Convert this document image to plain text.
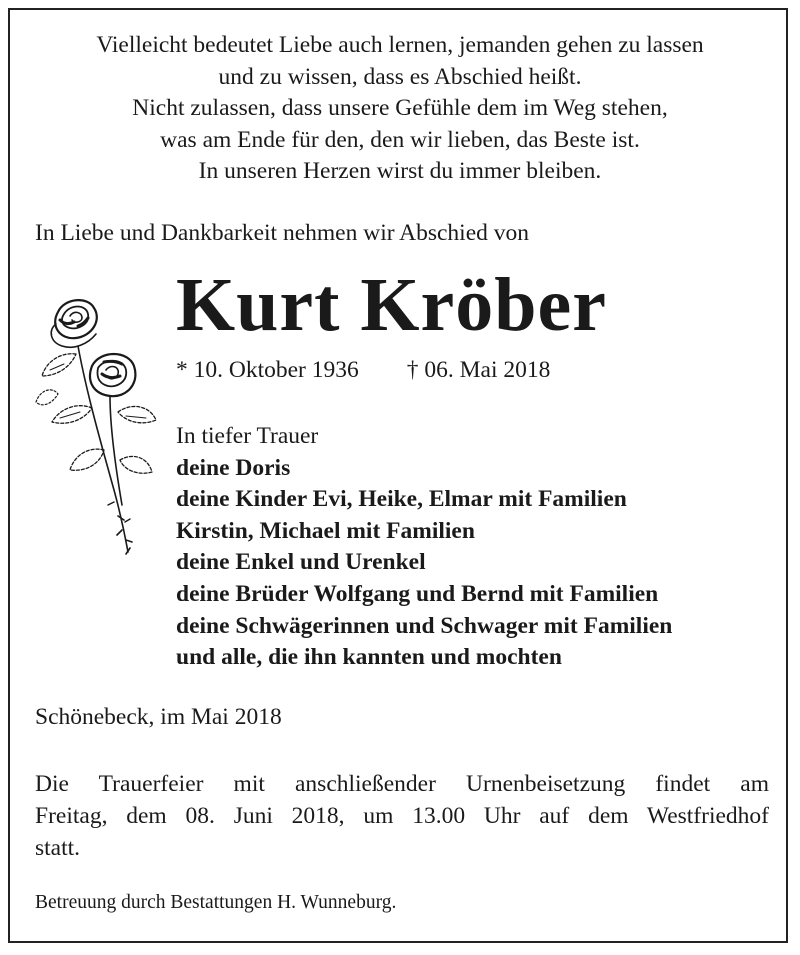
Vielleicht bedeutet Liebe auch lernen, jemanden gehen zu lassen
und zu wissen, dass es Abschied heißt.
Nicht zulassen, dass unsere Gefühle dem im Weg stehen,
was am Ende für den, den wir lieben, das Beste ist.
In unseren Herzen wirst du immer bleiben.
In Liebe und Dankbarkeit nehmen wir Abschied von
Kurt Kröber
* 10. Oktober 1936 † 06. Mai 2018
In tiefer Trauer
deine Doris
deine Kinder Evi, Heike, Elmar mit Familien
Kirstin, Michael mit Familien
deine Enkel und Urenkel
deine Brüder Wolfgang und Bernd mit Familien
deine Schwägerinnen und Schwager mit Familien
und alle, die ihn kannten und mochten
Schönebeck, im Mai 2018
Die Trauerfeier mit anschließender Urnenbeisetzung findet am
Freitag, dem 08. Juni 2018, um 13.00 Uhr auf dem Westfriedhof
statt.
Betreuung durch Bestattungen H. Wunneburg.
